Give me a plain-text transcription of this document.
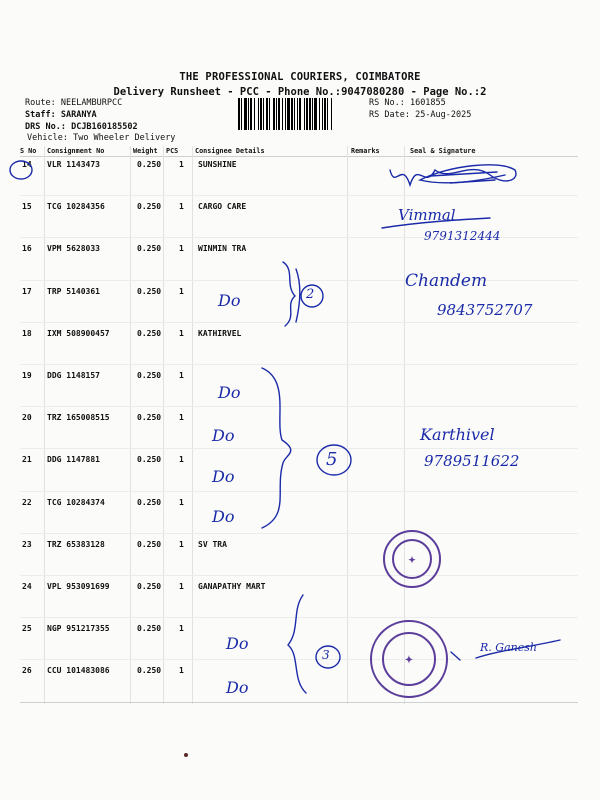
THE PROFESSIONAL COURIERS, COIMBATORE
Delivery Runsheet - PCC - Phone No.:9047080280 - Page No.:2
Route: NEELAMBURPCC
Staff: SARANYA
DRS No.: DCJB160185502
Vehicle: Two Wheeler Delivery
RS No.: 1601855
RS Date: 25-Aug-2025
S No Consignment No	Weight PCS Consignee Details	Remarks	Seal & Signature
14 VLR 1143473	0.250 1 SUNSHINE
15 TCG 10284356	0.250 1 CARGO CARE
16 VPM 5628033	0.250 1 WINMIN TRA
17 TRP 5140361	0.250 1
18 IXM 508900457	0.250 1 KATHIRVEL
19 DDG 1148157	0.250 1
20 TRZ 165008515	0.250 1
21 DDG 1147881	0.250 1
22 TCG 10284374	0.250 1
23 TRZ 65383128	0.250 1 SV TRA
24 VPL 953091699	0.250 1 GANAPATHY MART
25 NGP 951217355	0.250 1
26 CCU 101483086	0.250 1
✦
✦
Do	2
Do
Do
Do
Do
5
Do
Do
3
Vimmal
9791312444
Chandem
9843752707
Karthivel
9789511622
R. Ganesh
